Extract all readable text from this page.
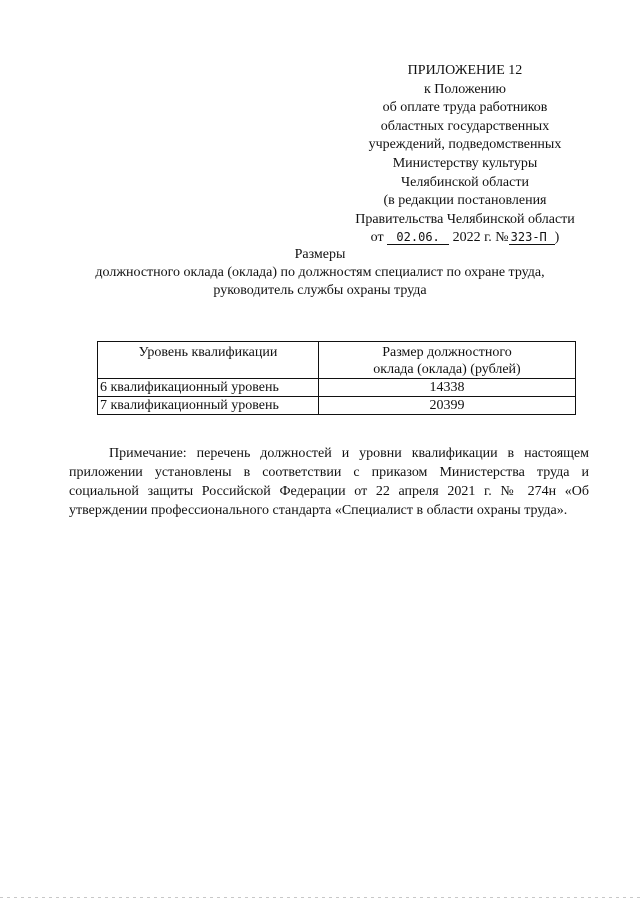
ПРИЛОЖЕНИЕ 12
к Положению
об оплате труда работников
областных государственных
учреждений, подведомственных
Министерству культуры
Челябинской области
(в редакции постановления
Правительства Челябинской области
от 02.06. 2022 г. № 323-П )
Размеры
должностного оклада (оклада) по должностям специалист по охране труда,
руководитель службы охраны труда
Уровень квалификации	Размер должностного
оклада (оклада) (рублей)
6 квалификационный уровень	14338
7 квалификационный уровень	20399

Примечание: перечень должностей и уровни квалификации в настоящем приложении установлены в соответствии с приказом Министерства труда и социальной защиты Российской Федерации от 22 апреля 2021 г. № 274н «Об утверждении профессионального стандарта «Специалист в области охраны труда».
